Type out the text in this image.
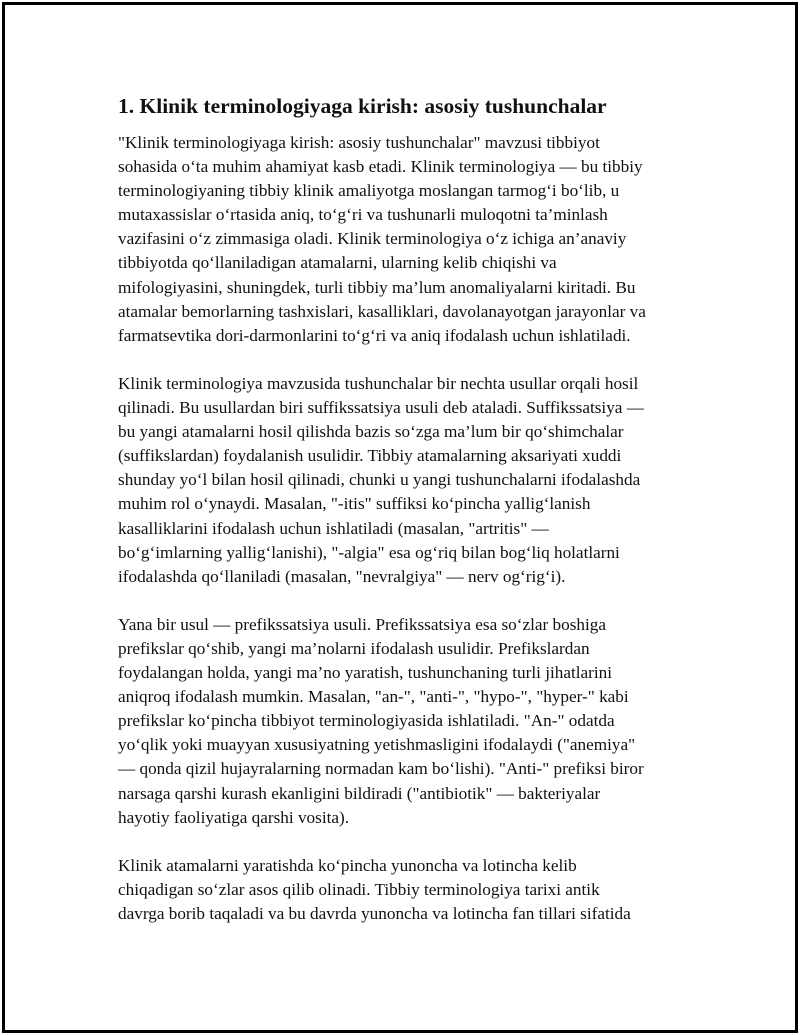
1. Klinik terminologiyaga kirish: asosiy tushunchalar

"Klinik terminologiyaga kirish: asosiy tushunchalar" mavzusi tibbiyot
sohasida o‘ta muhim ahamiyat kasb etadi. Klinik terminologiya — bu tibbiy
terminologiyaning tibbiy klinik amaliyotga moslangan tarmog‘i bo‘lib, u
mutaxassislar o‘rtasida aniq, to‘g‘ri va tushunarli muloqotni ta’minlash
vazifasini o‘z zimmasiga oladi. Klinik terminologiya o‘z ichiga an’anaviy
tibbiyotda qo‘llaniladigan atamalarni, ularning kelib chiqishi va
mifologiyasini, shuningdek, turli tibbiy ma’lum anomaliyalarni kiritadi. Bu
atamalar bemorlarning tashxislari, kasalliklari, davolanayotgan jarayonlar va
farmatsevtika dori-darmonlarini to‘g‘ri va aniq ifodalash uchun ishlatiladi.

Klinik terminologiya mavzusida tushunchalar bir nechta usullar orqali hosil
qilinadi. Bu usullardan biri suffikssatsiya usuli deb ataladi. Suffikssatsiya —
bu yangi atamalarni hosil qilishda bazis so‘zga ma’lum bir qo‘shimchalar
(suffikslardan) foydalanish usulidir. Tibbiy atamalarning aksariyati xuddi
shunday yo‘l bilan hosil qilinadi, chunki u yangi tushunchalarni ifodalashda
muhim rol o‘ynaydi. Masalan, "-itis" suffiksi ko‘pincha yallig‘lanish
kasalliklarini ifodalash uchun ishlatiladi (masalan, "artritis" —
bo‘g‘imlarning yallig‘lanishi), "-algia" esa og‘riq bilan bog‘liq holatlarni
ifodalashda qo‘llaniladi (masalan, "nevralgiya" — nerv og‘rig‘i).

Yana bir usul — prefikssatsiya usuli. Prefikssatsiya esa so‘zlar boshiga
prefikslar qo‘shib, yangi ma’nolarni ifodalash usulidir. Prefikslardan
foydalangan holda, yangi ma’no yaratish, tushunchaning turli jihatlarini
aniqroq ifodalash mumkin. Masalan, "an-", "anti-", "hypo-", "hyper-" kabi
prefikslar ko‘pincha tibbiyot terminologiyasida ishlatiladi. "An-" odatda
yo‘qlik yoki muayyan xususiyatning yetishmasligini ifodalaydi ("anemiya"
— qonda qizil hujayralarning normadan kam bo‘lishi). "Anti-" prefiksi biror
narsaga qarshi kurash ekanligini bildiradi ("antibiotik" — bakteriyalar
hayotiy faoliyatiga qarshi vosita).

Klinik atamalarni yaratishda ko‘pincha yunoncha va lotincha kelib
chiqadigan so‘zlar asos qilib olinadi. Tibbiy terminologiya tarixi antik
davrga borib taqaladi va bu davrda yunoncha va lotincha fan tillari sifatida
